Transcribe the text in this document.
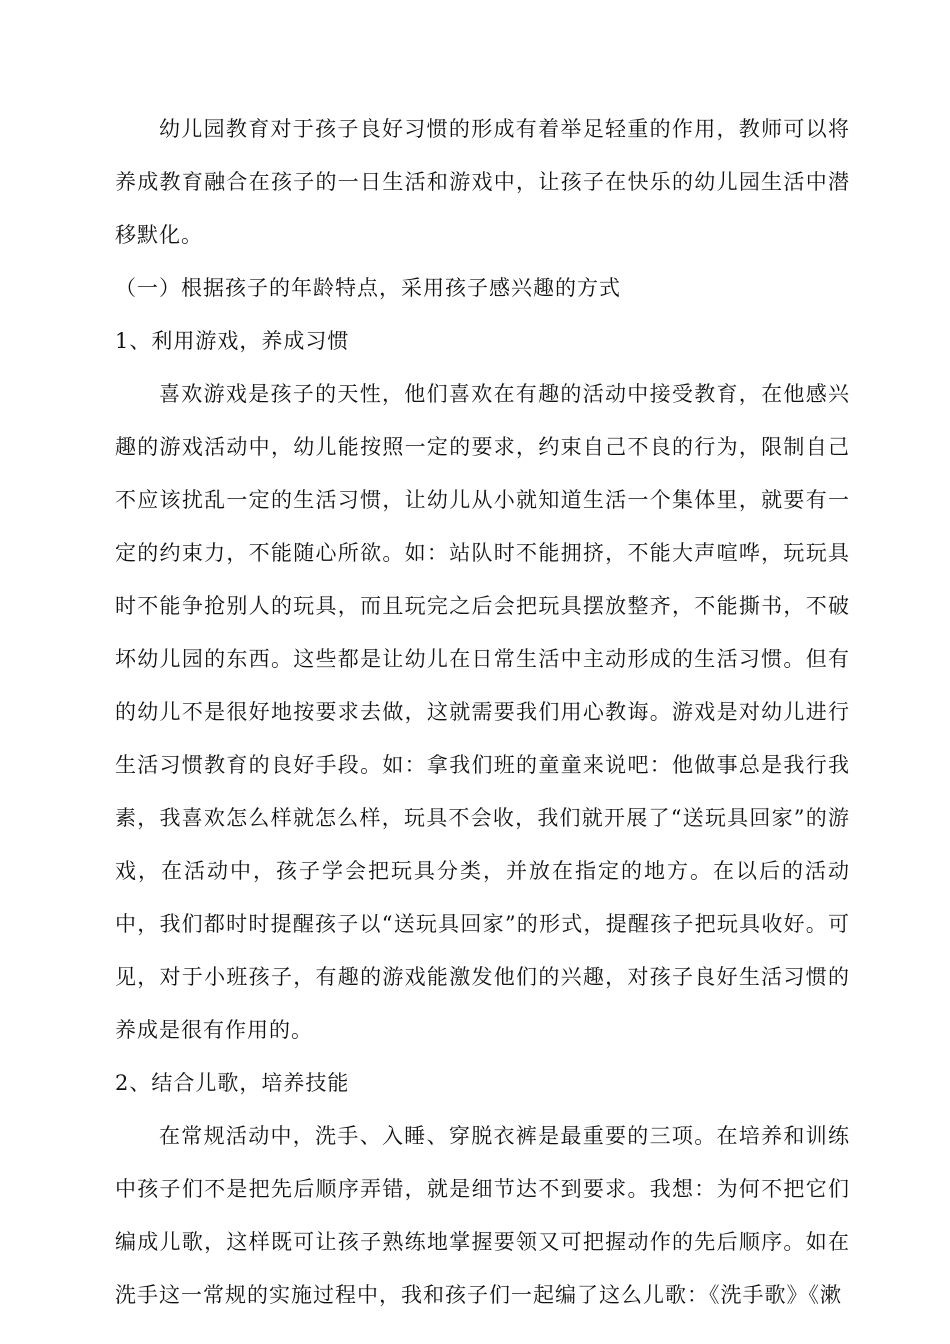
幼儿园教育对于孩子良好习惯的形成有着举足轻重的作用，教师可以将养成教育融合在孩子的一日生活和游戏中，让孩子在快乐的幼儿园生活中潜移默化。

（一）根据孩子的年龄特点，采用孩子感兴趣的方式

1、利用游戏，养成习惯

喜欢游戏是孩子的天性，他们喜欢在有趣的活动中接受教育，在他感兴趣的游戏活动中，幼儿能按照一定的要求，约束自己不良的行为，限制自己不应该扰乱一定的生活习惯，让幼儿从小就知道生活一个集体里，就要有一定的约束力，不能随心所欲。如：站队时不能拥挤，不能大声喧哗，玩玩具时不能争抢别人的玩具，而且玩完之后会把玩具摆放整齐，不能撕书，不破坏幼儿园的东西。这些都是让幼儿在日常生活中主动形成的生活习惯。但有的幼儿不是很好地按要求去做，这就需要我们用心教诲。游戏是对幼儿进行生活习惯教育的良好手段。如：拿我们班的童童来说吧：他做事总是我行我素，我喜欢怎么样就怎么样，玩具不会收，我们就开展了“送玩具回家”的游戏，在活动中，孩子学会把玩具分类，并放在指定的地方。在以后的活动中，我们都时时提醒孩子以“送玩具回家”的形式，提醒孩子把玩具收好。可见，对于小班孩子，有趣的游戏能激发他们的兴趣，对孩子良好生活习惯的养成是很有作用的。

2、结合儿歌，培养技能

在常规活动中，洗手、入睡、穿脱衣裤是最重要的三项。在培养和训练中孩子们不是把先后顺序弄错，就是细节达不到要求。我想：为何不把它们编成儿歌，这样既可让孩子熟练地掌握要领又可把握动作的先后顺序。如在洗手这一常规的实施过程中，我和孩子们一起编了这么儿歌：《洗手歌》《漱
